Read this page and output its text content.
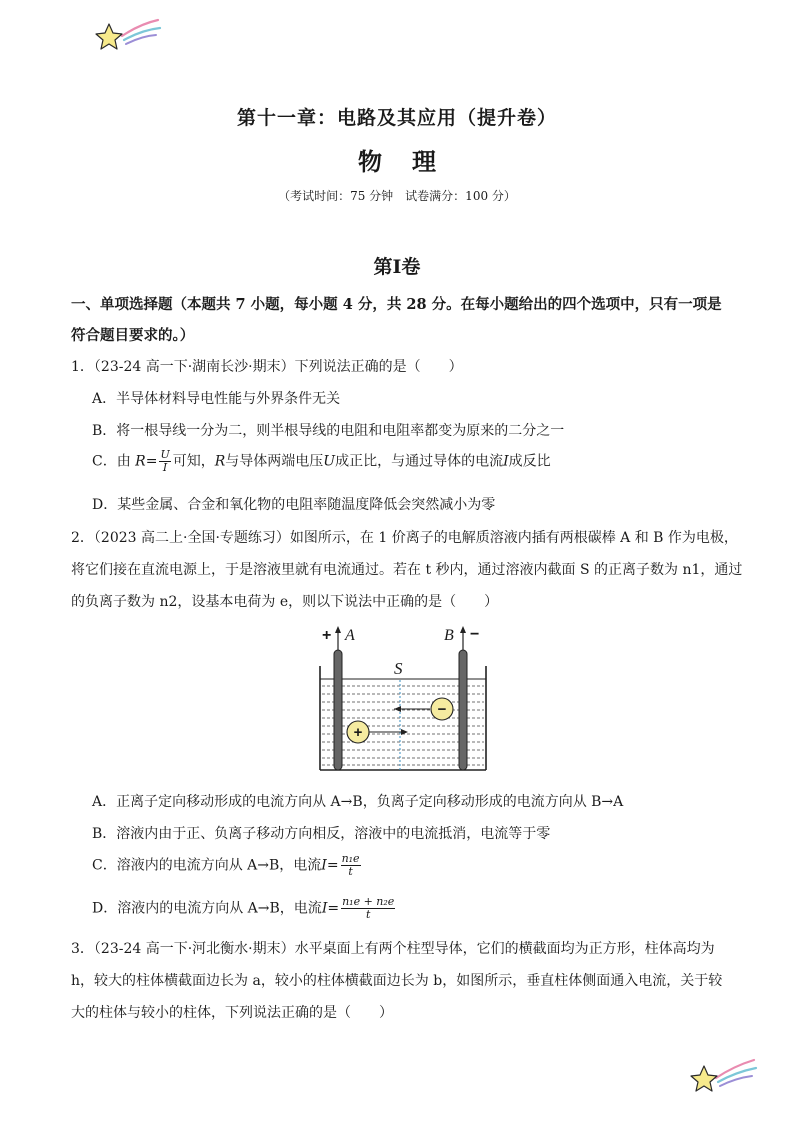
第十一章：电路及其应用（提升卷）
物理
（考试时间：75 分钟　试卷满分：100 分）
第I卷
一、单项选择题（本题共 7 小题，每小题 4 分，共 28 分。在每小题给出的四个选项中，只有一项是符合题目要求的。）
1．（23-24 高一下·湖南长沙·期末）下列说法正确的是（　　）
A．半导体材料导电性能与外界条件无关
B．将一根导线一分为二，则半根导线的电阻和电阻率都变为原来的二分之一
C．由 $R= \frac{U}{I}$ 可知，R与导体两端电压U成正比，与通过导体的电流I成反比
D．某些金属、合金和氧化物的电阻率随温度降低会突然减小为零
2．（2023 高二上·全国·专题练习）如图所示，在 1 价离子的电解质溶液内插有两根碳棒 A 和 B 作为电极，
将它们接在直流电源上，于是溶液里就有电流通过。若在 t 秒内，通过溶液内截面 S 的正离子数为 n1，通过
的负离子数为 n2，设基本电荷为 e，则以下说法中正确的是（　　）
S
+ A	B −
−
+
A．正离子定向移动形成的电流方向从 A→B，负离子定向移动形成的电流方向从 B→A
B．溶液内由于正、负离子移动方向相反，溶液中的电流抵消，电流等于零
C．溶液内的电流方向从 A→B，电流$I= \frac{\text{n₁e}}{t}$
D．溶液内的电流方向从 A→B，电流$I= \frac{\text{n₁e + n₂e}}{t}$
3．（23-24 高一下·河北衡水·期末）水平桌面上有两个柱型导体，它们的横截面均为正方形，柱体高均为
h，较大的柱体横截面边长为 a，较小的柱体横截面边长为 b，如图所示，垂直柱体侧面通入电流，关于较
大的柱体与较小的柱体，下列说法正确的是（　　）
